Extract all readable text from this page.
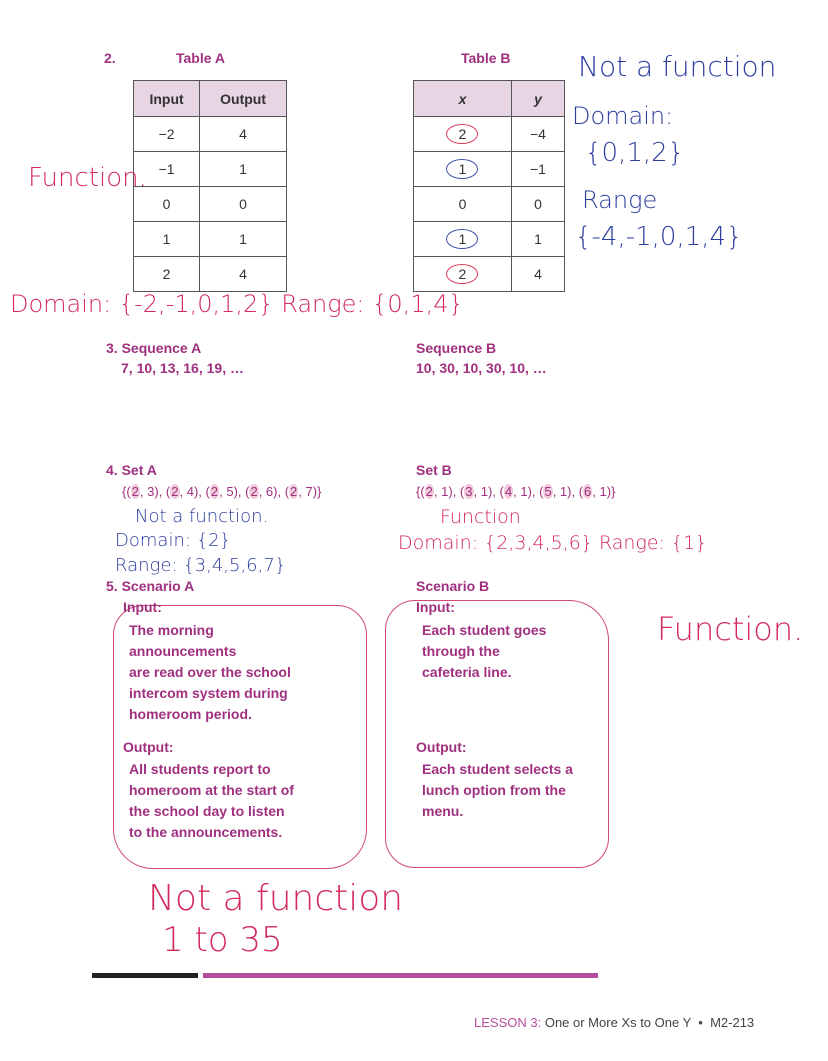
2.	Table A	Table B
Input	Output
−2	4
−1	1
0	0
1	1
2	4
x	y
2	−4
1	−1
0	0
1	1
2	4
Function.
Domain: {-2,-1,0,1,2} Range: {0,1,4}
Not a function
Domain:
{0,1,2}
Range
{-4,-1,0,1,4}
3. Sequence A
7, 10, 13, 16, 19, …
Sequence B
10, 30, 10, 30, 10, …
4. Set A
{(2, 3), (2, 4), (2, 5), (2, 6), (2, 7)}
Not a function.
Domain: {2}
Range: {3,4,5,6,7}
Set B
{(2, 1), (3, 1), (4, 1), (5, 1), (6, 1)}
Function
Domain: {2,3,4,5,6} Range: {1}
5. Scenario A
Input:
The morning
announcements
are read over the school
intercom system during
homeroom period.
Output:
All students report to
homeroom at the start of
the school day to listen
to the announcements.
Not a function
1 to 35
Scenario B
Input:
Each student goes
through the
cafeteria line.
Output:
Each student selects a
lunch option from the
menu.
Function.
LESSON 3: One or More Xs to One Y • M2-213
